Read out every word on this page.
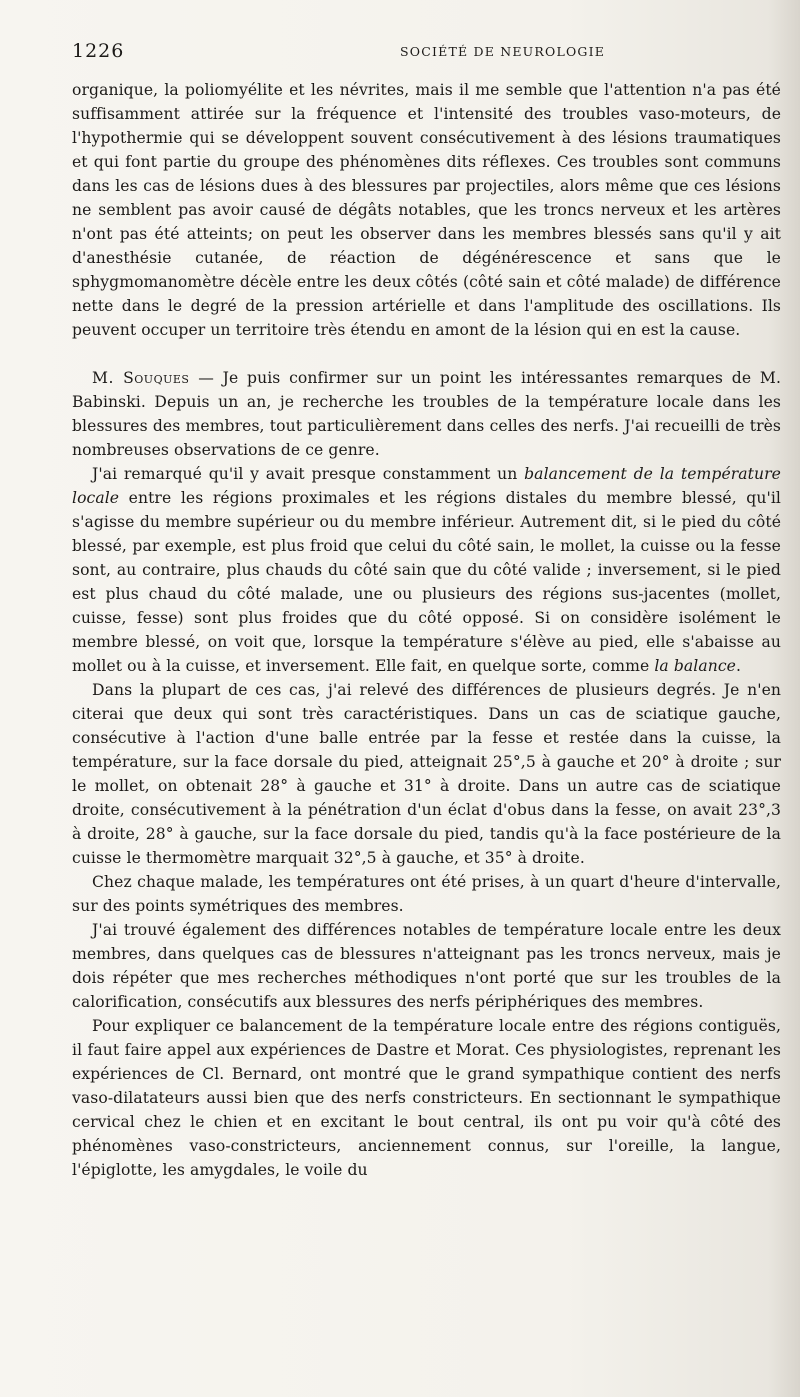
1226	SOCIÉTÉ DE NEUROLOGIE

organique, la poliomyélite et les névrites, mais il me semble que l'attention n'a pas été suffisamment attirée sur la fréquence et l'intensité des troubles vaso-moteurs, de l'hypothermie qui se développent souvent consécutivement à des lésions traumatiques et qui font partie du groupe des phénomènes dits réflexes. Ces troubles sont communs dans les cas de lésions dues à des blessures par projectiles, alors même que ces lésions ne semblent pas avoir causé de dégâts notables, que les troncs nerveux et les artères n'ont pas été atteints; on peut les observer dans les membres blessés sans qu'il y ait d'anesthésie cutanée, de réaction de dégénérescence et sans que le sphygmomanomètre décèle entre les deux côtés (côté sain et côté malade) de différence nette dans le degré de la pression artérielle et dans l'amplitude des oscillations. Ils peuvent occuper un territoire très étendu en amont de la lésion qui en est la cause.

M. Souques — Je puis confirmer sur un point les intéressantes remarques de M. Babinski. Depuis un an, je recherche les troubles de la température locale dans les blessures des membres, tout particulièrement dans celles des nerfs. J'ai recueilli de très nombreuses observations de ce genre.

J'ai remarqué qu'il y avait presque constamment un balancement de la température locale entre les régions proximales et les régions distales du membre blessé, qu'il s'agisse du membre supérieur ou du membre inférieur. Autrement dit, si le pied du côté blessé, par exemple, est plus froid que celui du côté sain, le mollet, la cuisse ou la fesse sont, au contraire, plus chauds du côté sain que du côté valide ; inversement, si le pied est plus chaud du côté malade, une ou plusieurs des régions sus-jacentes (mollet, cuisse, fesse) sont plus froides que du côté opposé. Si on considère isolément le membre blessé, on voit que, lorsque la température s'élève au pied, elle s'abaisse au mollet ou à la cuisse, et inversement. Elle fait, en quelque sorte, comme la balance.

Dans la plupart de ces cas, j'ai relevé des différences de plusieurs degrés. Je n'en citerai que deux qui sont très caractéristiques. Dans un cas de sciatique gauche, consécutive à l'action d'une balle entrée par la fesse et restée dans la cuisse, la température, sur la face dorsale du pied, atteignait 25°,5 à gauche et 20° à droite ; sur le mollet, on obtenait 28° à gauche et 31° à droite. Dans un autre cas de sciatique droite, consécutivement à la pénétration d'un éclat d'obus dans la fesse, on avait 23°,3 à droite, 28° à gauche, sur la face dorsale du pied, tandis qu'à la face postérieure de la cuisse le thermomètre marquait 32°,5 à gauche, et 35° à droite.

Chez chaque malade, les températures ont été prises, à un quart d'heure d'intervalle, sur des points symétriques des membres.

J'ai trouvé également des différences notables de température locale entre les deux membres, dans quelques cas de blessures n'atteignant pas les troncs nerveux, mais je dois répéter que mes recherches méthodiques n'ont porté que sur les troubles de la calorification, consécutifs aux blessures des nerfs périphériques des membres.

Pour expliquer ce balancement de la température locale entre des régions contiguës, il faut faire appel aux expériences de Dastre et Morat. Ces physiologistes, reprenant les expériences de Cl. Bernard, ont montré que le grand sympathique contient des nerfs vaso-dilatateurs aussi bien que des nerfs constricteurs. En sectionnant le sympathique cervical chez le chien et en excitant le bout central, ils ont pu voir qu'à côté des phénomènes vaso-constricteurs, anciennement connus, sur l'oreille, la langue, l'épiglotte, les amygdales, le voile du
